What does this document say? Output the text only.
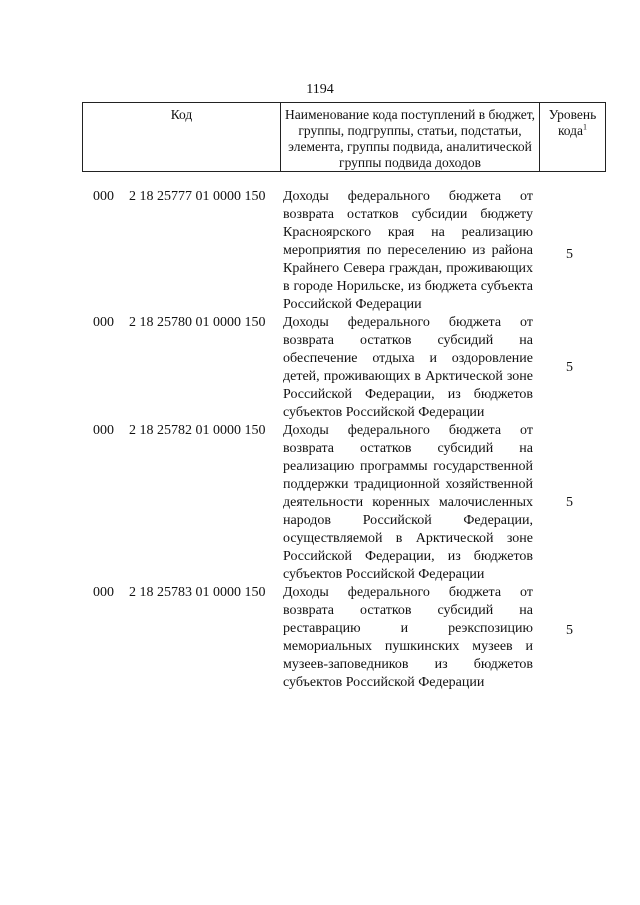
1194
Код	Наименование кода поступлений в бюджет, группы, подгруппы, статьи, подстатьи, элемента, группы подвида, аналитической группы подвида доходов
Уровень кода$^1$
000 2 18 25777 01 0000 150 Доходы федерального бюджета от возврата остатков субсидии бюджету Красноярского края на реализацию мероприятия по переселению из района Крайнего Севера граждан, проживающих в городе Норильске, из бюджета субъекта Российской Федерации
5
000 2 18 25780 01 0000 150 Доходы федерального бюджета от возврата остатков субсидий на обеспечение отдыха и оздоровление детей, проживающих в Арктической зоне Российской Федерации, из бюджетов субъектов Российской Федерации
5
000 2 18 25782 01 0000 150 Доходы федерального бюджета от возврата остатков субсидий на реализацию программы государственной поддержки традиционной хозяйственной деятельности коренных малочисленных народов Российской Федерации, осуществляемой в Арктической зоне Российской Федерации, из бюджетов субъектов Российской Федерации
5
000 2 18 25783 01 0000 150 Доходы федерального бюджета от возврата остатков субсидий на реставрацию и реэкспозицию мемориальных пушкинских музеев и музеев-заповедников из бюджетов субъектов Российской Федерации
5
